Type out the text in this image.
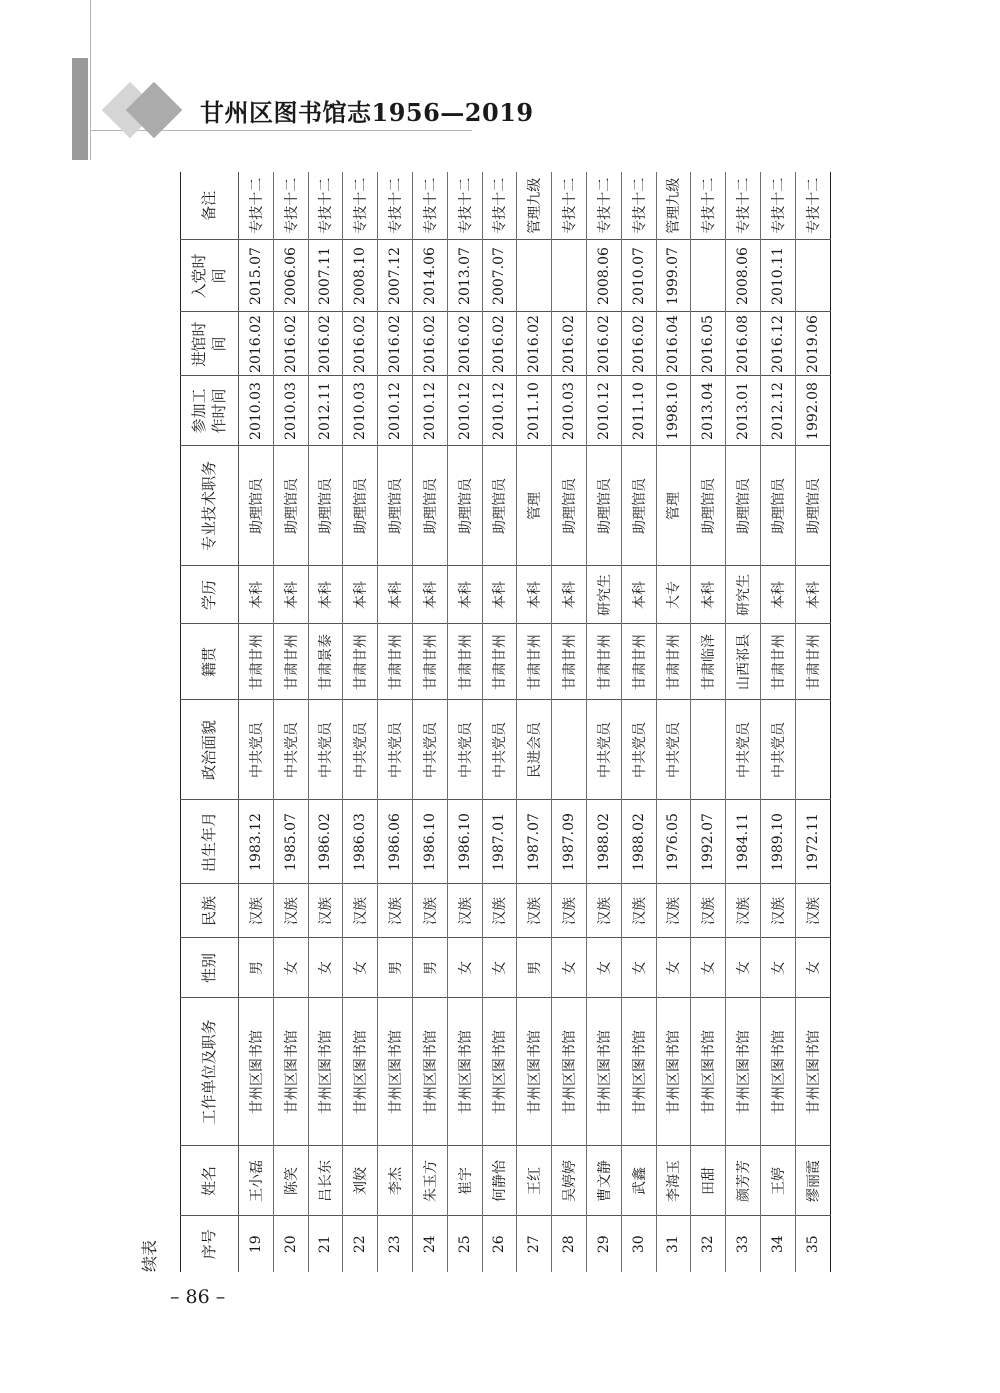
甘州区图书馆志1956—2019
续表	序号	姓名	工作单位及职务	性别	民族	出生年月	政治面貌	籍贯	学历	专业技术职务	参加工作时间	进馆时间	入党时间	备注
19	王小磊	甘州区图书馆	男	汉族	1983.12	中共党员	甘肃甘州	本科	助理馆员	2010.03	2016.02	2015.07	专技十二
20	陈笑	甘州区图书馆	女	汉族	1985.07	中共党员	甘肃甘州	本科	助理馆员	2010.03	2016.02	2006.06	专技十二
21	吕长东	甘州区图书馆	女	汉族	1986.02	中共党员	甘肃景泰	本科	助理馆员	2012.11	2016.02	2007.11	专技十二
22	刘姣	甘州区图书馆	女	汉族	1986.03	中共党员	甘肃甘州	本科	助理馆员	2010.03	2016.02	2008.10	专技十二
23	李杰	甘州区图书馆	男	汉族	1986.06	中共党员	甘肃甘州	本科	助理馆员	2010.12	2016.02	2007.12	专技十二
24	朱玉方	甘州区图书馆	男	汉族	1986.10	中共党员	甘肃甘州	本科	助理馆员	2010.12	2016.02	2014.06	专技十二
25	崔宇	甘州区图书馆	女	汉族	1986.10	中共党员	甘肃甘州	本科	助理馆员	2010.12	2016.02	2013.07	专技十二
26	何静怡	甘州区图书馆	女	汉族	1987.01	中共党员	甘肃甘州	本科	助理馆员	2010.12	2016.02	2007.07	专技十二
27	王红	甘州区图书馆	男	汉族	1987.07	民进会员	甘肃甘州	本科	管理	2011.10	2016.02		管理九级
28	吴婷婷	甘州区图书馆	女	汉族	1987.09		甘肃甘州	本科	助理馆员	2010.03	2016.02		专技十二
29	曹文静	甘州区图书馆	女	汉族	1988.02	中共党员	甘肃甘州	研究生	助理馆员	2010.12	2016.02	2008.06	专技十二
30	武鑫	甘州区图书馆	女	汉族	1988.02	中共党员	甘肃甘州	本科	助理馆员	2011.10	2016.02	2010.07	专技十二
31	李海玉	甘州区图书馆	女	汉族	1976.05	中共党员	甘肃甘州	大专	管理	1998.10	2016.04	1999.07	管理九级
32	田甜	甘州区图书馆	女	汉族	1992.07		甘肃临泽	本科	助理馆员	2013.04	2016.05		专技十二
33	颜芳芳	甘州区图书馆	女	汉族	1984.11	中共党员	山西祁县	研究生	助理馆员	2013.01	2016.08	2008.06	专技十二
34	王婷	甘州区图书馆	女	汉族	1989.10	中共党员	甘肃甘州	本科	助理馆员	2012.12	2016.12	2010.11	专技十二
35	缪丽霞	甘州区图书馆	女	汉族	1972.11		甘肃甘州	本科	助理馆员	1992.08	2019.06		专技十二
– 86 –
